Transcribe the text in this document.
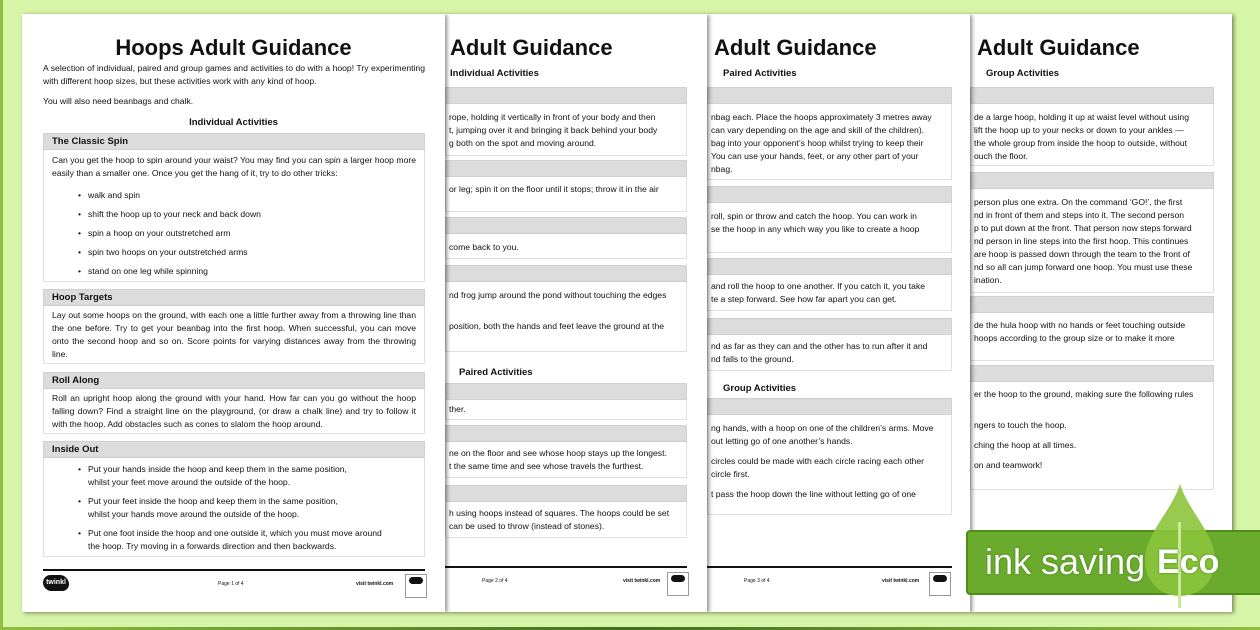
Adult Guidance
Group Activities
de a large hoop, holding it up at waist level without using
lift the hoop up to your necks or down to your ankles —
the whole group from inside the hoop to outside, without
ouch the floor.
person plus one extra. On the command ‘GO!’, the first
nd in front of them and steps into it. The second person
p to put down at the front. That person now steps forward
nd person in line steps into the first hoop. This continues
are hoop is passed down through the team to the front of
nd so all can jump forward one hoop. You must use these
ination.
de the hula hoop with no hands or feet touching outside
hoops according to the group size or to make it more
er the hoop to the ground, making sure the following rules
ngers to touch the hoop.
ching the hoop at all times.
on and teamwork!
Adult Guidance
Paired Activities
nbag each. Place the hoops approximately 3 metres away
can vary depending on the age and skill of the children).
bag into your opponent’s hoop whilst trying to keep their
You can use your hands, feet, or any other part of your
nbag.
roll, spin or throw and catch the hoop. You can work in
se the hoop in any which way you like to create a hoop
and roll the hoop to one another. If you catch it, you take
te a step forward. See how far apart you can get.
nd as far as they can and the other has to run after it and
nd falls to the ground.
Group Activities
ng hands, with a hoop on one of the children’s arms. Move
out letting go of one another’s hands.
circles could be made with each circle racing each other
circle first.
t pass the hoop down the line without letting go of one
Page 3 of 4	visit twinkl.com
Adult Guidance
Individual Activities
rope, holding it vertically in front of your body and then
t, jumping over it and bringing it back behind your body
g both on the spot and moving around.
or leg; spin it on the floor until it stops; throw it in the air
come back to you.
nd frog jump around the pond without touching the edges
position, both the hands and feet leave the ground at the
Paired Activities
ther.
ne on the floor and see whose hoop stays up the longest.
t the same time and see whose travels the furthest.
h using hoops instead of squares. The hoops could be set
can be used to throw (instead of stones).
Page 2 of 4	visit twinkl.com
Hoops Adult Guidance
A selection of individual, paired and group games and activities to do with a hoop! Try experimenting with different hoop sizes, but these activities work with any kind of hoop.
You will also need beanbags and chalk.
Individual Activities
The Classic Spin
Can you get the hoop to spin around your waist? You may find you can spin a larger hoop more easily than a smaller one. Once you get the hang of it, try to do other tricks:
• walk and spin
• shift the hoop up to your neck and back down
• spin a hoop on your outstretched arm
• spin two hoops on your outstretched arms
• stand on one leg while spinning
Hoop Targets
Lay out some hoops on the ground, with each one a little further away from a throwing line than the one before. Try to get your beanbag into the first hoop. When successful, you can move onto the second hoop and so on. Score points for varying distances away from the throwing line.
Roll Along
Roll an upright hoop along the ground with your hand. How far can you go without the hoop falling down? Find a straight line on the playground, (or draw a chalk line) and try to follow it with the hoop. Add obstacles such as cones to slalom the hoop around.
Inside Out
• Put your hands inside the hoop and keep them in the same position,
whilst your feet move around the outside of the hoop.
• Put your feet inside the hoop and keep them in the same position,
whilst your hands move around the outside of the hoop.
• Put one foot inside the hoop and one outside it, which you must move around
the hoop. Try moving in a forwards direction and then backwards.
twinkl	Page 1 of 4	visit twinkl.com
ink saving Eco
